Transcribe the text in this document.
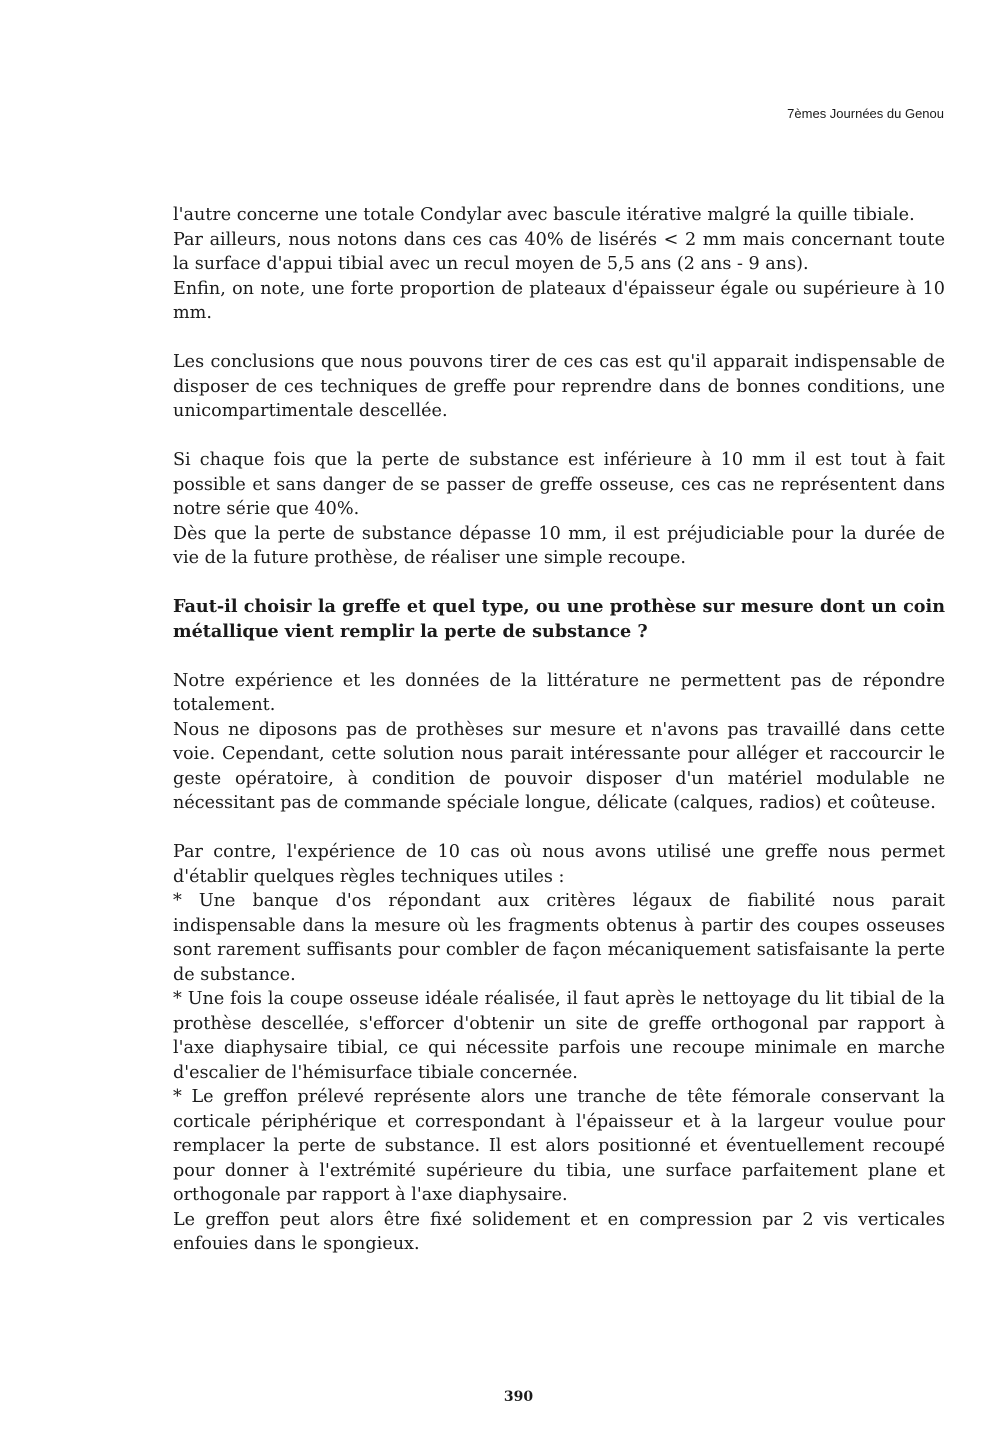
7èmes Journées du Genou

l'autre concerne une totale Condylar avec bascule itérative malgré la quille tibiale.

Par ailleurs, nous notons dans ces cas 40% de lisérés < 2 mm mais concernant toute la surface d'appui tibial avec un recul moyen de 5,5 ans (2 ans - 9 ans).

Enfin, on note, une forte proportion de plateaux d'épaisseur égale ou supérieure à 10 mm.

Les conclusions que nous pouvons tirer de ces cas est qu'il apparait indispensable de disposer de ces techniques de greffe pour reprendre dans de bonnes conditions, une unicompartimentale descellée.

Si chaque fois que la perte de substance est inférieure à 10 mm il est tout à fait possible et sans danger de se passer de greffe osseuse, ces cas ne représentent dans notre série que 40%.

Dès que la perte de substance dépasse 10 mm, il est préjudiciable pour la durée de vie de la future prothèse, de réaliser une simple recoupe.

Faut-il choisir la greffe et quel type, ou une prothèse sur mesure dont un coin métallique vient remplir la perte de substance ?

Notre expérience et les données de la littérature ne permettent pas de répondre totalement.

Nous ne diposons pas de prothèses sur mesure et n'avons pas travaillé dans cette voie. Cependant, cette solution nous parait intéressante pour alléger et raccourcir le geste opératoire, à condition de pouvoir disposer d'un matériel modulable ne nécessitant pas de commande spéciale longue, délicate (calques, radios) et coûteuse.

Par contre, l'expérience de 10 cas où nous avons utilisé une greffe nous permet d'établir quelques règles techniques utiles :

* Une banque d'os répondant aux critères légaux de fiabilité nous parait indispensable dans la mesure où les fragments obtenus à partir des coupes osseuses sont rarement suffisants pour combler de façon mécaniquement satisfaisante la perte de substance.

* Une fois la coupe osseuse idéale réalisée, il faut après le nettoyage du lit tibial de la prothèse descellée, s'efforcer d'obtenir un site de greffe orthogonal par rapport à l'axe diaphysaire tibial, ce qui nécessite parfois une recoupe minimale en marche d'escalier de l'hémisurface tibiale concernée.

* Le greffon prélevé représente alors une tranche de tête fémorale conservant la corticale périphérique et correspondant à l'épaisseur et à la largeur voulue pour remplacer la perte de substance. Il est alors positionné et éventuellement recoupé pour donner à l'extrémité supérieure du tibia, une surface parfaitement plane et orthogonale par rapport à l'axe diaphysaire.

Le greffon peut alors être fixé solidement et en compression par 2 vis verticales enfouies dans le spongieux.

390
